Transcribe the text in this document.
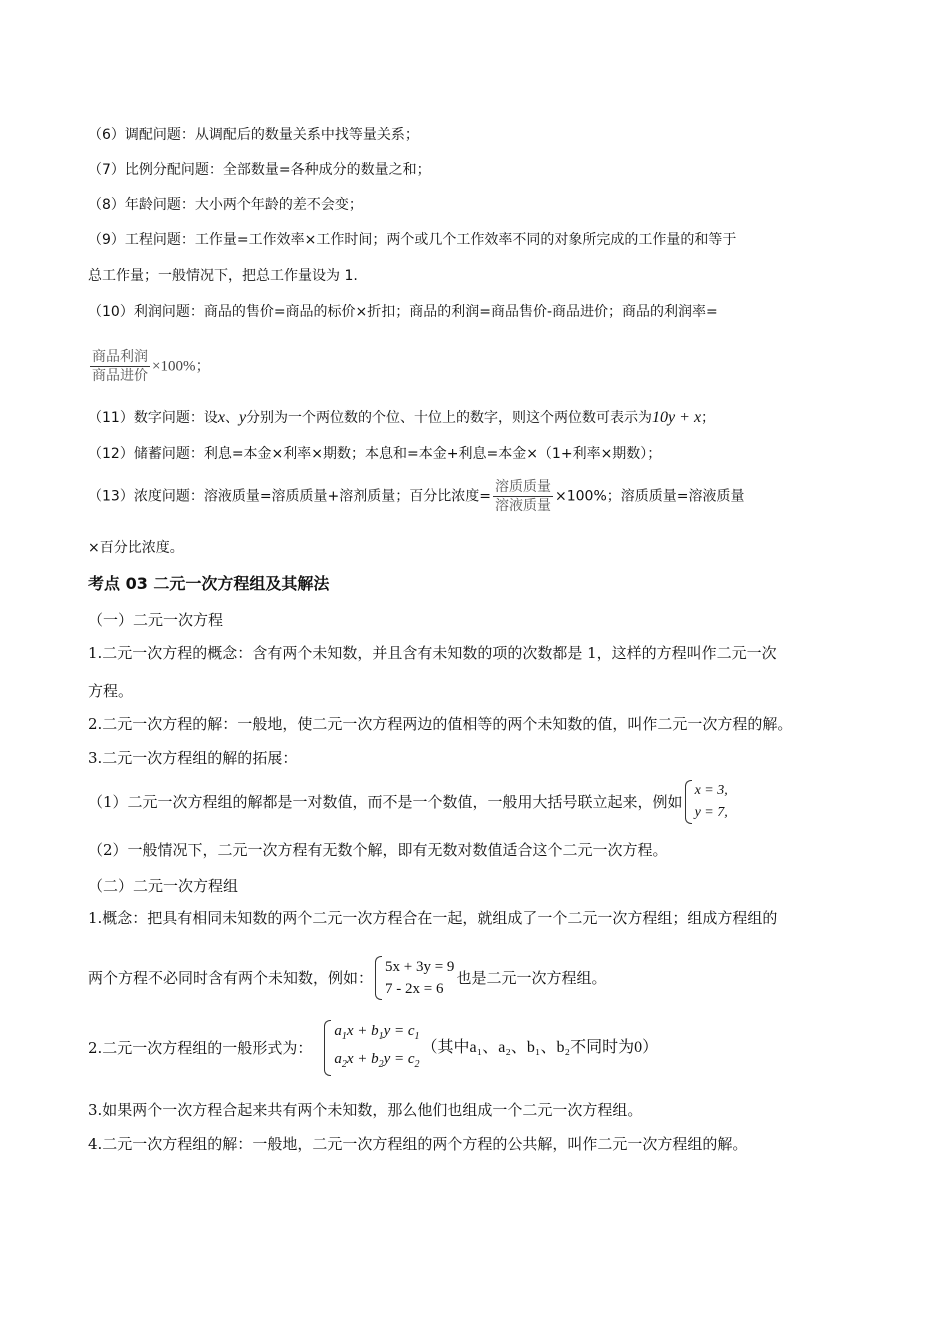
（6）调配问题：从调配后的数量关系中找等量关系；
（7）比例分配问题：全部数量=各种成分的数量之和；
（8）年龄问题：大小两个年龄的差不会变；
（9）工程问题：工作量=工作效率×工作时间；两个或几个工作效率不同的对象所完成的工作量的和等于
总工作量；一般情况下，把总工作量设为 1.
（10）利润问题：商品的售价=商品的标价×折扣；商品的利润=商品售价-商品进价；商品的利润率=
$\frac{\text{商品利润}}{\text{商品进价}} \times 100\%$；
（11）数字问题：设x、y分别为一个两位数的个位、十位上的数字，则这个两位数可表示为10y + x；
（12）储蓄问题：利息=本金×利率×期数；本息和=本金+利息=本金×（1+利率×期数）；
（13）浓度问题：溶液质量=溶质质量+溶剂质量；百分比浓度= $\frac{\text{溶质质量}}{\text{溶液质量}} \times 100\%$；溶质质量=溶液质量
×百分比浓度。
考点 03 二元一次方程组及其解法
（一）二元一次方程
1.二元一次方程的概念：含有两个未知数，并且含有未知数的项的次数都是 1，这样的方程叫作二元一次
方程。
2.二元一次方程的解：一般地，使二元一次方程两边的值相等的两个未知数的值，叫作二元一次方程的解。
3.二元一次方程组的解的拓展：
（1）二元一次方程组的解都是一对数值，而不是一个数值，一般用大括号联立起来，例如
x = 3,
y = 7,
（2）一般情况下，二元一次方程有无数个解，即有无数对数值适合这个二元一次方程。
（二）二元一次方程组
1.概念：把具有相同未知数的两个二元一次方程合在一起，就组成了一个二元一次方程组；组成方程组的
两个方程不必同时含有两个未知数，例如：
5x + 3y = 9
7 - 2x = 6
也是二元一次方程组。
2.二元一次方程组的一般形式为：
$a_1x + b_1y = c_1$
$a_2x + b_2y = c_2$
（其中a₁、a₂、b₁、b₂不同时为0）
3.如果两个一次方程合起来共有两个未知数，那么他们也组成一个二元一次方程组。
4.二元一次方程组的解：一般地，二元一次方程组的两个方程的公共解，叫作二元一次方程组的解。
